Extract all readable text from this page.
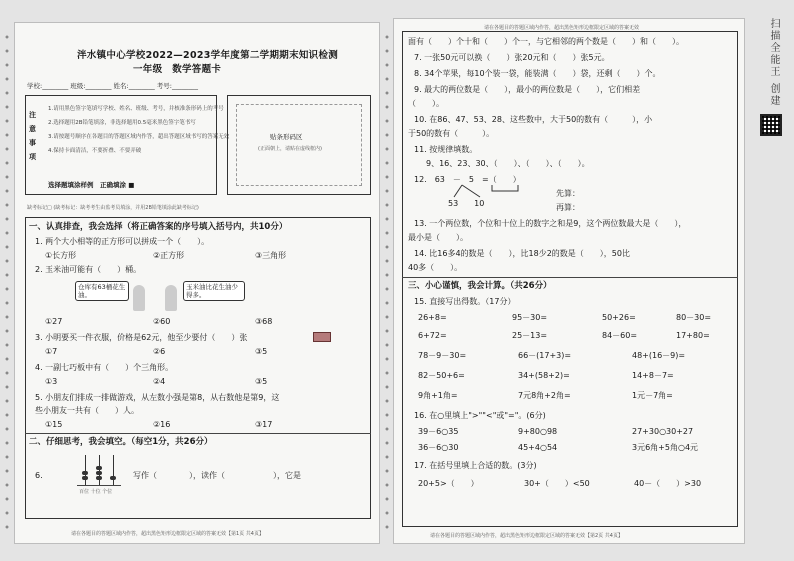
泮水镇中心学校2022—2023学年度第二学期期末知识检测
一年级　数学答题卡
学校:________ 班级:________ 姓名:________ 考号:________
注意事项
1.请用黑色签字笔填写学校、姓名、班级、考号，并核准条形码上的考号
2.选择题用2B铅笔填涂，非选择题用0.5毫米黑色签字笔书写
3.请按题号顺序在各题目的答题区域内作答，超出答题区域书写的答案无效
4.保持卡面清洁，不要折叠、不要弄破
选择题填涂样例　正确填涂 ■
贴条形码区
(正面朝上，请贴在虚线框内)
缺考标记□ (缺考标记：缺考考生由监考员填涂，并用2B铅笔填涂此缺考标记)
一、认真排查，我会选择（将正确答案的序号填入括号内，共10分）
1. 两个大小相等的正方形可以拼成一个（　　）。
①长方形	②正方形	③三角形
2. 玉米油可能有（　　）桶。
仓库有63桶花生油。
玉米油比花生油少得多。
①27	②60	③68
3. 小明要买一件衣服，价格是62元，他至少要付（　　）张
①7	②6	③5
4. 一副七巧板中有（　　）个三角形。
①3	②4	③5
5. 小朋友们排成一排做游戏，从左数小强是第8，从右数他是第9，这
些小朋友一共有（　　）人。
①15	②16	③17
二、仔细思考，我会填空。（每空1分，共26分）
6.
百位 十位 个位
写作（　　　　），读作（　　　　　　），它是
请在各题目的答题区域内作答，超出黑色矩形边框限定区域的答案无效【第1页 共4页】
请在各题目的答题区域内作答，超出黑色矩形边框限定区域的答案无效
面有（　　）个十和（　　）个一，与它相邻的两个数是（　　）和（　　）。
7. 一张50元可以换（　　）张20元和（　　）张5元。
8. 34个苹果，每10个装一袋，能装满（　　）袋，还剩（　　）个。
9. 最大的两位数是（　　），最小的两位数是（　　），它们相差
（　　）。
10. 在86、47、53、28、这些数中，大于50的数有（　　　），小
于50的数有（　　　）。
11. 按规律填数。
9、16、23、30、（　　）、（　　）、（　　）。
12.　63　－　5　=（　　）
先算：
53　　10	再算：
13. 一个两位数，个位和十位上的数字之和是9，这个两位数最大是（　　），
最小是（　　）。
14. 比16多4的数是（　　），比18少2的数是（　　），50比
40多（　　）。
三、小心谨慎，我会计算。（共26分）
15. 直接写出得数。（17分）
26+8=	95－30=	50+26=	80－30=
6+72=	25－13=	84－60=	17+80=
78－9－30=	66－(17+3)=	48+(16－9)=
82－50+6=	34+(58+2)=	14+8－7=
9角+1角=	7元8角+2角=	1元－7角=
16. 在○里填上">""<"或"="。(6分)
39－6○35	9+80○98	27+30○30+27
36－6○30	45+4○54	3元6角+5角○4元
17. 在括号里填上合适的数。(3分)
20+5>（　　）	30+（　　）<50	40－（　　）>30
请在各题目的答题区域内作答，超出黑色矩形边框限定区域的答案无效【第2页 共4页】
扫描全能王 创建
